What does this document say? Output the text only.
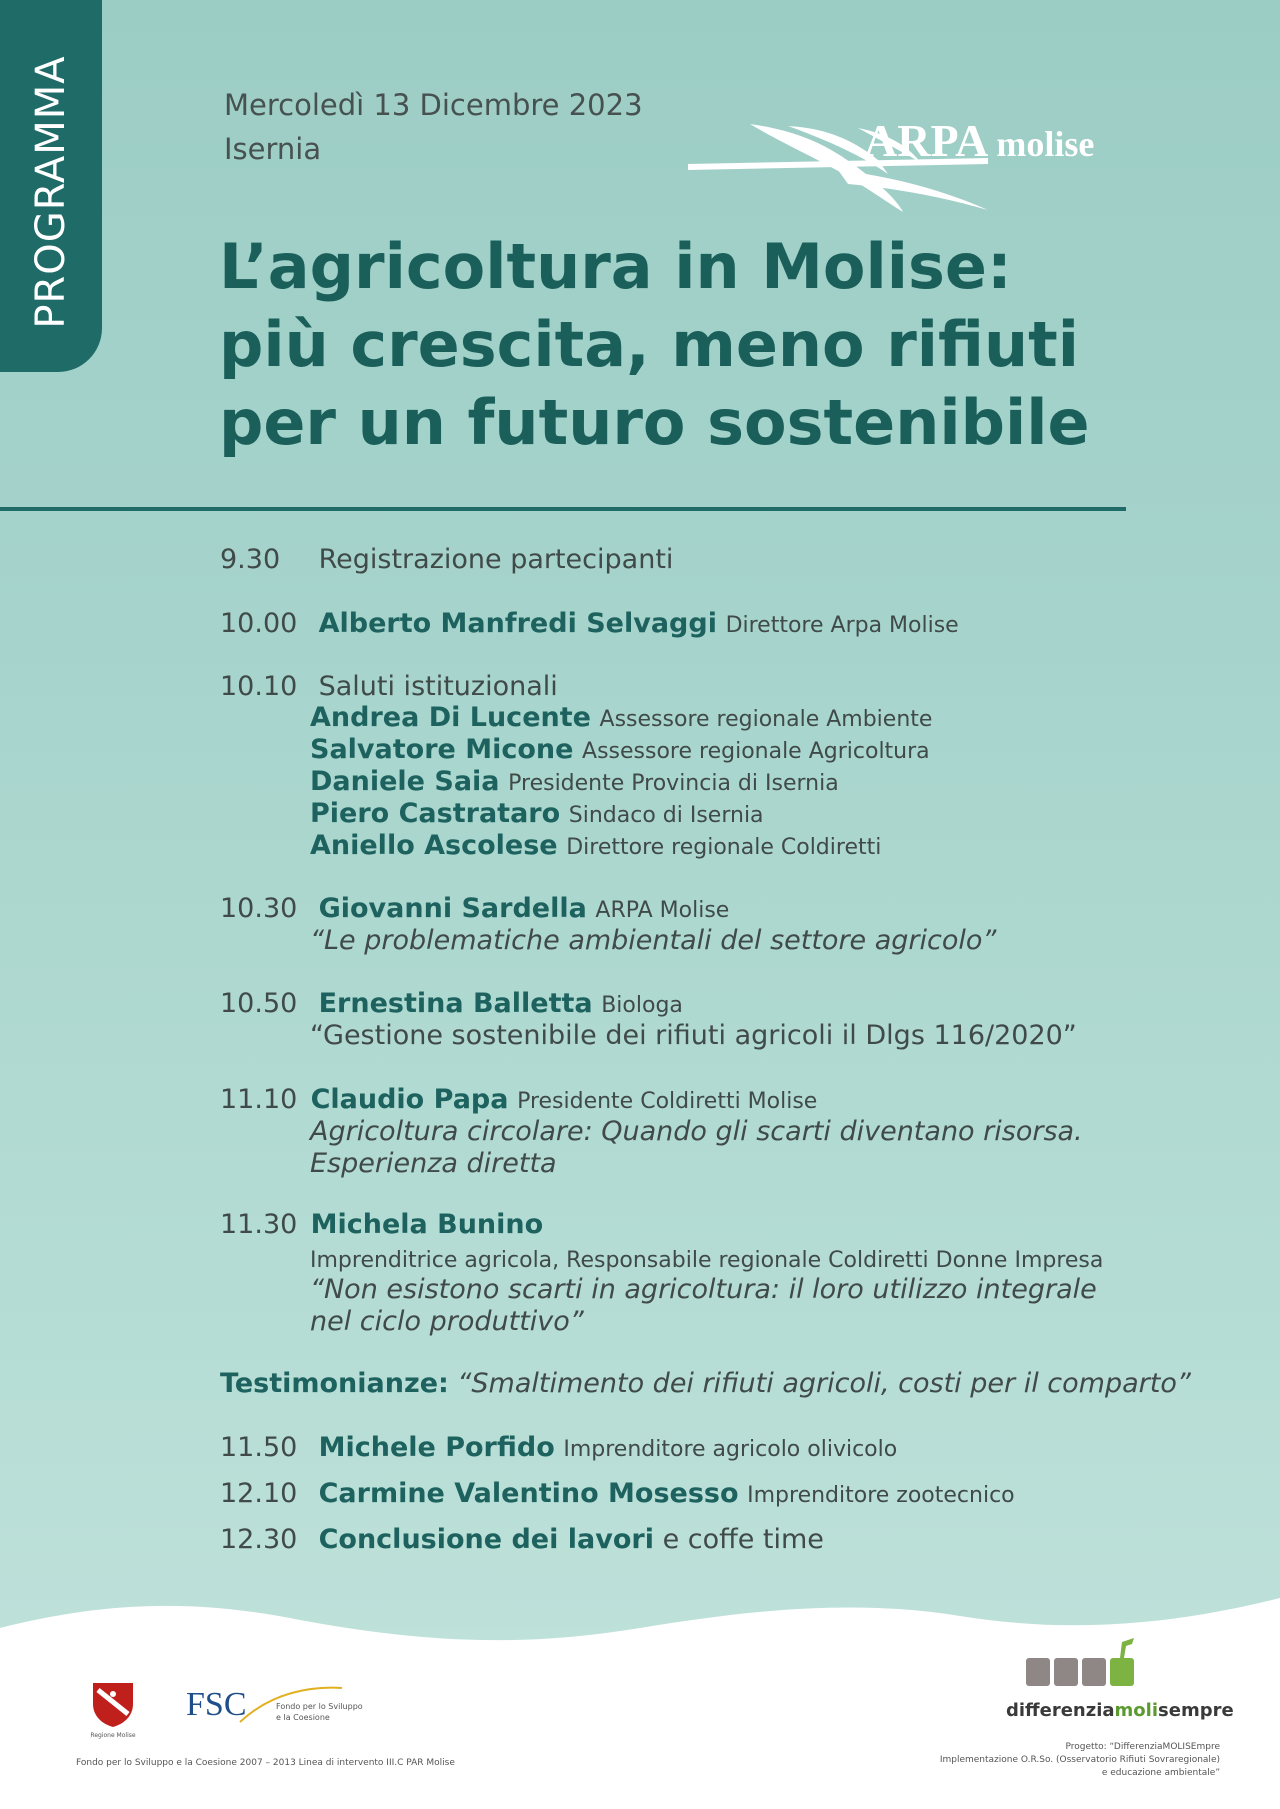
PROGRAMMA	Mercoledì 13 Dicembre 2023
Isernia	ARPA molise
L’agricoltura in Molise:
più crescita, meno rifiuti
per un futuro sostenibile
9.30 Registrazione partecipanti
10.00 Alberto Manfredi Selvaggi Direttore Arpa Molise
10.10 Saluti istituzionali
Andrea Di Lucente Assessore regionale Ambiente
Salvatore Micone Assessore regionale Agricoltura
Daniele Saia Presidente Provincia di Isernia
Piero Castrataro Sindaco di Isernia
Aniello Ascolese Direttore regionale Coldiretti
10.30 Giovanni Sardella ARPA Molise
“Le problematiche ambientali del settore agricolo”
10.50 Ernestina Balletta Biologa
“Gestione sostenibile dei rifiuti agricoli il Dlgs 116/2020”
11.10 Claudio Papa Presidente Coldiretti Molise
Agricoltura circolare: Quando gli scarti diventano risorsa.
Esperienza diretta
11.30 Michela Bunino
Imprenditrice agricola, Responsabile regionale Coldiretti Donne Impresa
“Non esistono scarti in agricoltura: il loro utilizzo integrale
nel ciclo produttivo”
Testimonianze: “Smaltimento dei rifiuti agricoli, costi per il comparto”
11.50 Michele Porfido Imprenditore agricolo olivicolo
12.10 Carmine Valentino Mosesso Imprenditore zootecnico
12.30 Conclusione dei lavori e coffe time
Regione Molise
FSC	Fondo per lo Sviluppo
e la Coesione
Fondo per lo Sviluppo e la Coesione 2007 – 2013 Linea di intervento III.C PAR Molise
differenziamolisempre
Progetto: “DifferenziaMOLISEmpre
Implementazione O.R.So. (Osservatorio Rifiuti Sovraregionale)
e educazione ambientale”
